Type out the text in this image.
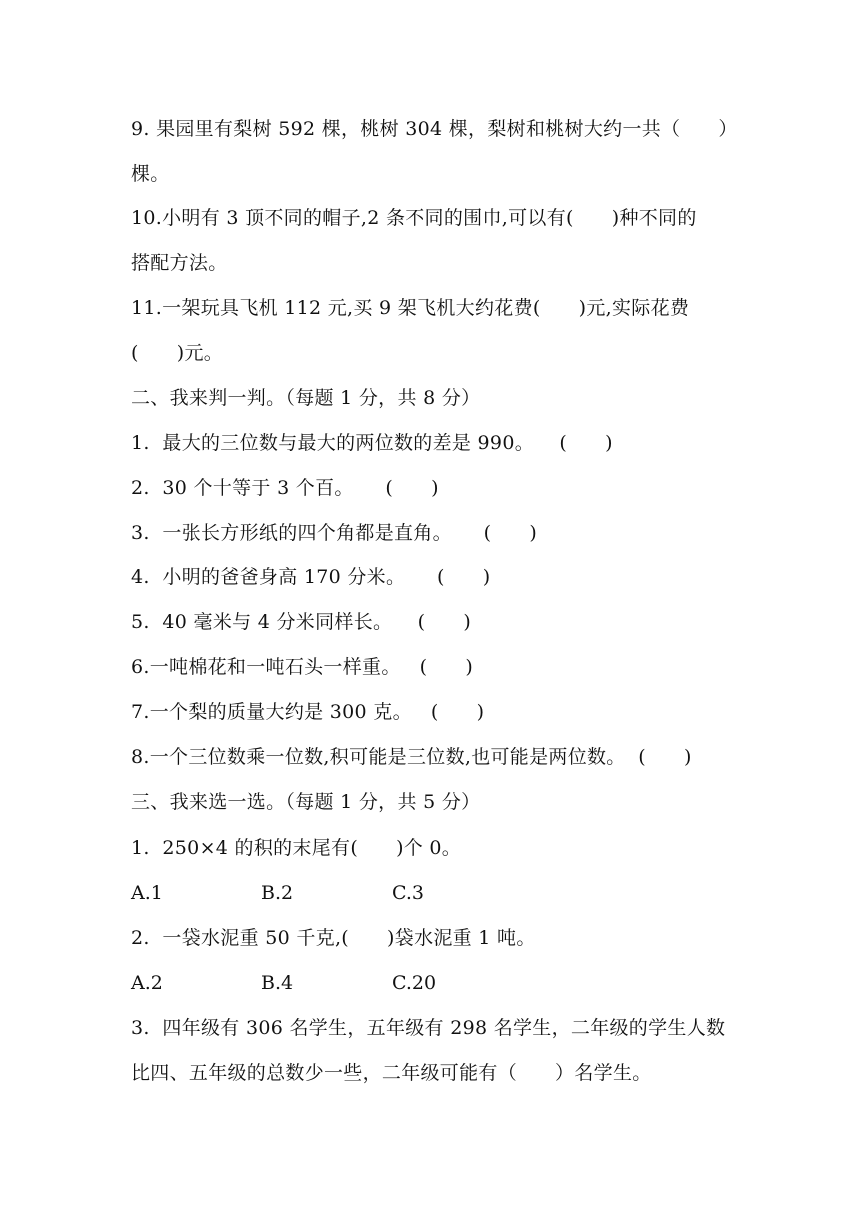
9. 果园里有梨树 592 棵，桃树 304 棵，梨树和桃树大约一共（      ）
棵。
10.小明有 3 顶不同的帽子,2 条不同的围巾,可以有(      )种不同的
搭配方法。
11.一架玩具飞机 112 元,买 9 架飞机大约花费(      )元,实际花费
(      )元。
二、我来判一判。（每题 1 分，共 8 分）
1.  最大的三位数与最大的两位数的差是 990。    (      )
2.  30 个十等于 3 个百。     (      )
3.  一张长方形纸的四个角都是直角。     (      )
4.  小明的爸爸身高 170 分米。     (      )
5.  40 毫米与 4 分米同样长。    (      )
6.一吨棉花和一吨石头一样重。   (      )
7.一个梨的质量大约是 300 克。   (      )
8.一个三位数乘一位数,积可能是三位数,也可能是两位数。  (      )
三、我来选一选。（每题 1 分，共 5 分）
1.  250×4 的积的末尾有(      )个 0。
A.1	B.2	C.3
2.  一袋水泥重 50 千克,(      )袋水泥重 1 吨。
A.2	B.4	C.20
3.  四年级有 306 名学生，五年级有 298 名学生，二年级的学生人数
比四、五年级的总数少一些，二年级可能有（      ）名学生。
